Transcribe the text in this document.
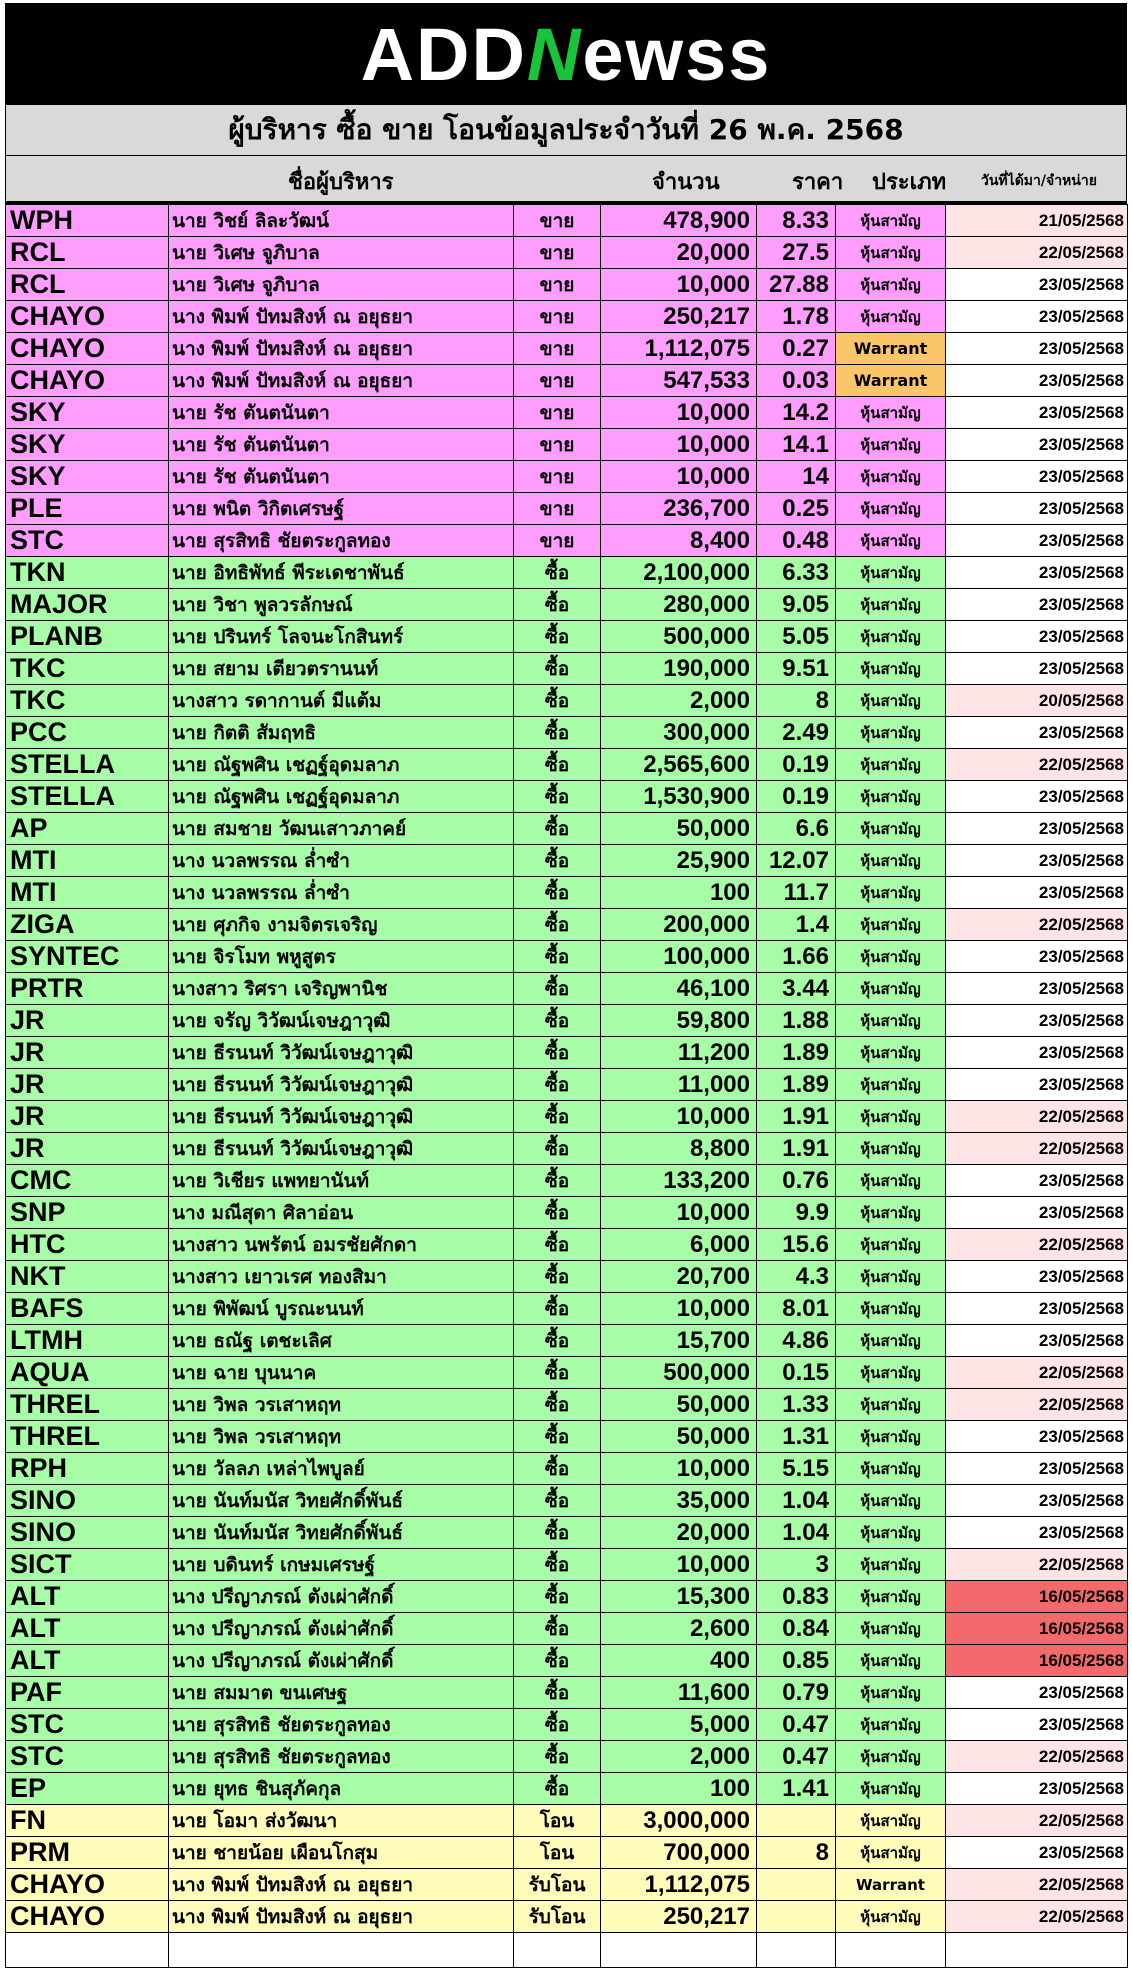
ADDNewss
ผู้บริหาร ซื้อ ขาย โอนข้อมูลประจำวันที่ 26 พ.ค. 2568
ชื่อผู้บริหาร	จำนวน	ราคา ประเภท วันที่ได้มา/จำหน่าย
WPH	นาย วิชย์ ลิละวัฒน์	ขาย	478,900	8.33	หุ้นสามัญ	21/05/2568
RCL	นาย วิเศษ จูภิบาล	ขาย	20,000	27.5	หุ้นสามัญ	22/05/2568
RCL	นาย วิเศษ จูภิบาล	ขาย	10,000	27.88	หุ้นสามัญ	23/05/2568
CHAYO	นาง พิมพ์ ปัทมสิงห์ ณ อยุธยา	ขาย	250,217	1.78	หุ้นสามัญ	23/05/2568
CHAYO	นาง พิมพ์ ปัทมสิงห์ ณ อยุธยา	ขาย	1,112,075	0.27	Warrant	23/05/2568
CHAYO	นาง พิมพ์ ปัทมสิงห์ ณ อยุธยา	ขาย	547,533	0.03	Warrant	23/05/2568
SKY	นาย รัช ตันตนันตา	ขาย	10,000	14.2	หุ้นสามัญ	23/05/2568
SKY	นาย รัช ตันตนันตา	ขาย	10,000	14.1	หุ้นสามัญ	23/05/2568
SKY	นาย รัช ตันตนันตา	ขาย	10,000	14	หุ้นสามัญ	23/05/2568
PLE	นาย พนิต วิกิตเศรษฐ์	ขาย	236,700	0.25	หุ้นสามัญ	23/05/2568
STC	นาย สุรสิทธิ ชัยตระกูลทอง	ขาย	8,400	0.48	หุ้นสามัญ	23/05/2568
TKN	นาย อิทธิพัทธ์ พีระเดชาพันธ์	ซื้อ	2,100,000	6.33	หุ้นสามัญ	23/05/2568
MAJOR	นาย วิชา พูลวรลักษณ์	ซื้อ	280,000	9.05	หุ้นสามัญ	23/05/2568
PLANB	นาย ปรินทร์ โลจนะโกสินทร์	ซื้อ	500,000	5.05	หุ้นสามัญ	23/05/2568
TKC	นาย สยาม เตียวตรานนท์	ซื้อ	190,000	9.51	หุ้นสามัญ	23/05/2568
TKC	นางสาว รดากานต์ มีแต้ม	ซื้อ	2,000	8	หุ้นสามัญ	20/05/2568
PCC	นาย กิตติ สัมฤทธิ	ซื้อ	300,000	2.49	หุ้นสามัญ	23/05/2568
STELLA	นาย ณัฐพศิน เชฏฐ์อุดมลาภ	ซื้อ	2,565,600	0.19	หุ้นสามัญ	22/05/2568
STELLA	นาย ณัฐพศิน เชฏฐ์อุดมลาภ	ซื้อ	1,530,900	0.19	หุ้นสามัญ	23/05/2568
AP	นาย สมชาย วัฒนเสาวภาคย์	ซื้อ	50,000	6.6	หุ้นสามัญ	23/05/2568
MTI	นาง นวลพรรณ ล่ำซำ	ซื้อ	25,900	12.07	หุ้นสามัญ	23/05/2568
MTI	นาง นวลพรรณ ล่ำซำ	ซื้อ	100	11.7	หุ้นสามัญ	23/05/2568
ZIGA	นาย ศุภกิจ งามจิตรเจริญ	ซื้อ	200,000	1.4	หุ้นสามัญ	22/05/2568
SYNTEC	นาย จิรโมท พหูสูตร	ซื้อ	100,000	1.66	หุ้นสามัญ	23/05/2568
PRTR	นางสาว ริศรา เจริญพานิช	ซื้อ	46,100	3.44	หุ้นสามัญ	23/05/2568
JR	นาย จรัญ วิวัฒน์เจษฎาวุฒิ	ซื้อ	59,800	1.88	หุ้นสามัญ	23/05/2568
JR	นาย ธีรนนท์ วิวัฒน์เจษฎาวุฒิ	ซื้อ	11,200	1.89	หุ้นสามัญ	23/05/2568
JR	นาย ธีรนนท์ วิวัฒน์เจษฎาวุฒิ	ซื้อ	11,000	1.89	หุ้นสามัญ	23/05/2568
JR	นาย ธีรนนท์ วิวัฒน์เจษฎาวุฒิ	ซื้อ	10,000	1.91	หุ้นสามัญ	22/05/2568
JR	นาย ธีรนนท์ วิวัฒน์เจษฎาวุฒิ	ซื้อ	8,800	1.91	หุ้นสามัญ	22/05/2568
CMC	นาย วิเชียร แพทยานันท์	ซื้อ	133,200	0.76	หุ้นสามัญ	23/05/2568
SNP	นาง มณีสุดา ศิลาอ่อน	ซื้อ	10,000	9.9	หุ้นสามัญ	23/05/2568
HTC	นางสาว นพรัตน์ อมรชัยศักดา	ซื้อ	6,000	15.6	หุ้นสามัญ	22/05/2568
NKT	นางสาว เยาวเรศ ทองสิมา	ซื้อ	20,700	4.3	หุ้นสามัญ	23/05/2568
BAFS	นาย พิพัฒน์ บูรณะนนท์	ซื้อ	10,000	8.01	หุ้นสามัญ	23/05/2568
LTMH	นาย ธณัฐ เตชะเลิศ	ซื้อ	15,700	4.86	หุ้นสามัญ	23/05/2568
AQUA	นาย ฉาย บุนนาค	ซื้อ	500,000	0.15	หุ้นสามัญ	22/05/2568
THREL	นาย วิพล วรเสาหฤท	ซื้อ	50,000	1.33	หุ้นสามัญ	22/05/2568
THREL	นาย วิพล วรเสาหฤท	ซื้อ	50,000	1.31	หุ้นสามัญ	23/05/2568
RPH	นาย วัลลภ เหล่าไพบูลย์	ซื้อ	10,000	5.15	หุ้นสามัญ	23/05/2568
SINO	นาย นันท์มนัส วิทยศักดิ์พันธ์	ซื้อ	35,000	1.04	หุ้นสามัญ	23/05/2568
SINO	นาย นันท์มนัส วิทยศักดิ์พันธ์	ซื้อ	20,000	1.04	หุ้นสามัญ	23/05/2568
SICT	นาย บดินทร์ เกษมเศรษฐ์	ซื้อ	10,000	3	หุ้นสามัญ	22/05/2568
ALT	นาง ปรีญาภรณ์ ตังเผ่าศักดิ์	ซื้อ	15,300	0.83	หุ้นสามัญ	16/05/2568
ALT	นาง ปรีญาภรณ์ ตังเผ่าศักดิ์	ซื้อ	2,600	0.84	หุ้นสามัญ	16/05/2568
ALT	นาง ปรีญาภรณ์ ตังเผ่าศักดิ์	ซื้อ	400	0.85	หุ้นสามัญ	16/05/2568
PAF	นาย สมมาต ขนเศษฐ	ซื้อ	11,600	0.79	หุ้นสามัญ	23/05/2568
STC	นาย สุรสิทธิ ชัยตระกูลทอง	ซื้อ	5,000	0.47	หุ้นสามัญ	23/05/2568
STC	นาย สุรสิทธิ ชัยตระกูลทอง	ซื้อ	2,000	0.47	หุ้นสามัญ	22/05/2568
EP	นาย ยุทธ ชินสุภัคกุล	ซื้อ	100	1.41	หุ้นสามัญ	23/05/2568
FN	นาย โอมา ส่งวัฒนา	โอน	3,000,000		หุ้นสามัญ	22/05/2568
PRM	นาย ชายน้อย เผือนโกสุม	โอน	700,000	8	หุ้นสามัญ	23/05/2568
CHAYO	นาง พิมพ์ ปัทมสิงห์ ณ อยุธยา	รับโอน	1,112,075		Warrant	22/05/2568
CHAYO	นาง พิมพ์ ปัทมสิงห์ ณ อยุธยา	รับโอน	250,217		หุ้นสามัญ	22/05/2568
